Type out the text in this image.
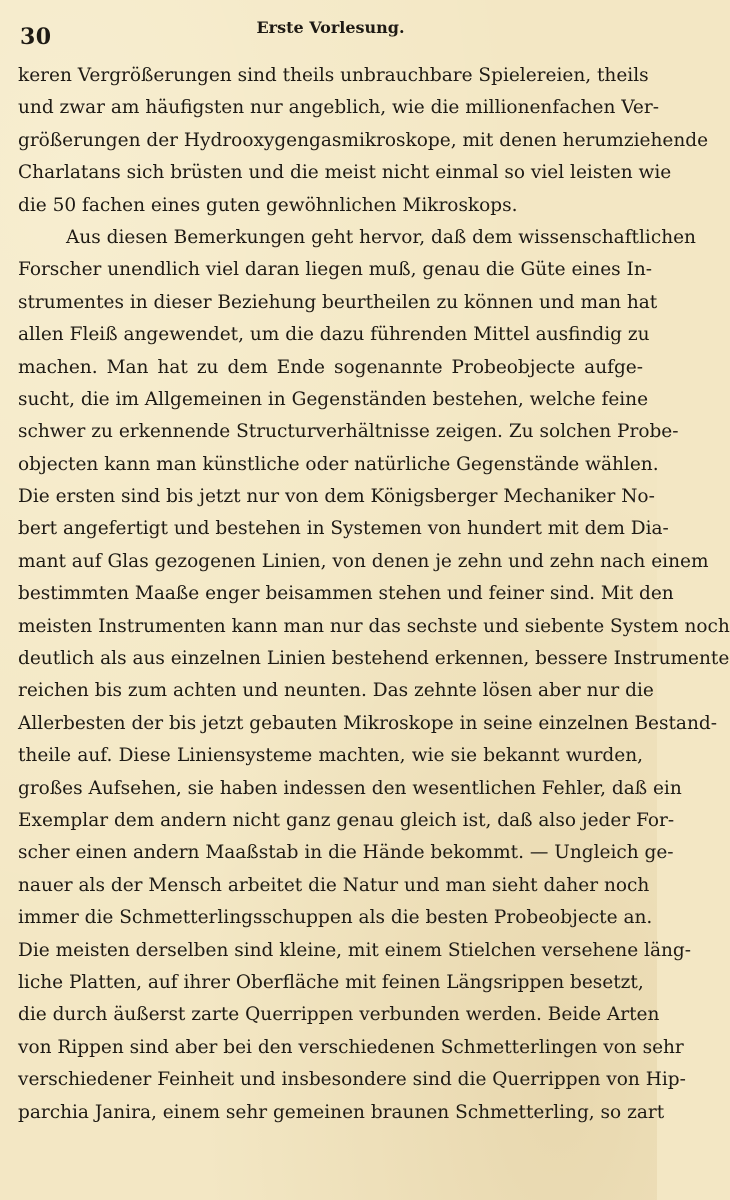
30	Erste Vorlesung.
keren Vergrößerungen sind theils unbrauchbare Spielereien, theils
und zwar am häufigsten nur angeblich, wie die millionenfachen Ver-
größerungen der Hydrooxygengasmikroskope, mit denen herumziehende
Charlatans sich brüsten und die meist nicht einmal so viel leisten wie
die 50 fachen eines guten gewöhnlichen Mikroskops.
Aus diesen Bemerkungen geht hervor, daß dem wissenschaftlichen
Forscher unendlich viel daran liegen muß, genau die Güte eines In-
strumentes in dieser Beziehung beurtheilen zu können und man hat
allen Fleiß angewendet, um die dazu führenden Mittel ausfindig zu
machen. Man hat zu dem Ende sogenannte Probeobjecte aufge-
sucht, die im Allgemeinen in Gegenständen bestehen, welche feine
schwer zu erkennende Structurverhältnisse zeigen. Zu solchen Probe-
objecten kann man künstliche oder natürliche Gegenstände wählen.
Die ersten sind bis jetzt nur von dem Königsberger Mechaniker No-
bert angefertigt und bestehen in Systemen von hundert mit dem Dia-
mant auf Glas gezogenen Linien, von denen je zehn und zehn nach einem
bestimmten Maaße enger beisammen stehen und feiner sind. Mit den
meisten Instrumenten kann man nur das sechste und siebente System noch
deutlich als aus einzelnen Linien bestehend erkennen, bessere Instrumente
reichen bis zum achten und neunten. Das zehnte lösen aber nur die
Allerbesten der bis jetzt gebauten Mikroskope in seine einzelnen Bestand-
theile auf. Diese Liniensysteme machten, wie sie bekannt wurden,
großes Aufsehen, sie haben indessen den wesentlichen Fehler, daß ein
Exemplar dem andern nicht ganz genau gleich ist, daß also jeder For-
scher einen andern Maaßstab in die Hände bekommt. — Ungleich ge-
nauer als der Mensch arbeitet die Natur und man sieht daher noch
immer die Schmetterlingsschuppen als die besten Probeobjecte an.
Die meisten derselben sind kleine, mit einem Stielchen versehene läng-
liche Platten, auf ihrer Oberfläche mit feinen Längsrippen besetzt,
die durch äußerst zarte Querrippen verbunden werden. Beide Arten
von Rippen sind aber bei den verschiedenen Schmetterlingen von sehr
verschiedener Feinheit und insbesondere sind die Querrippen von Hip-
parchia Janira, einem sehr gemeinen braunen Schmetterling, so zart
